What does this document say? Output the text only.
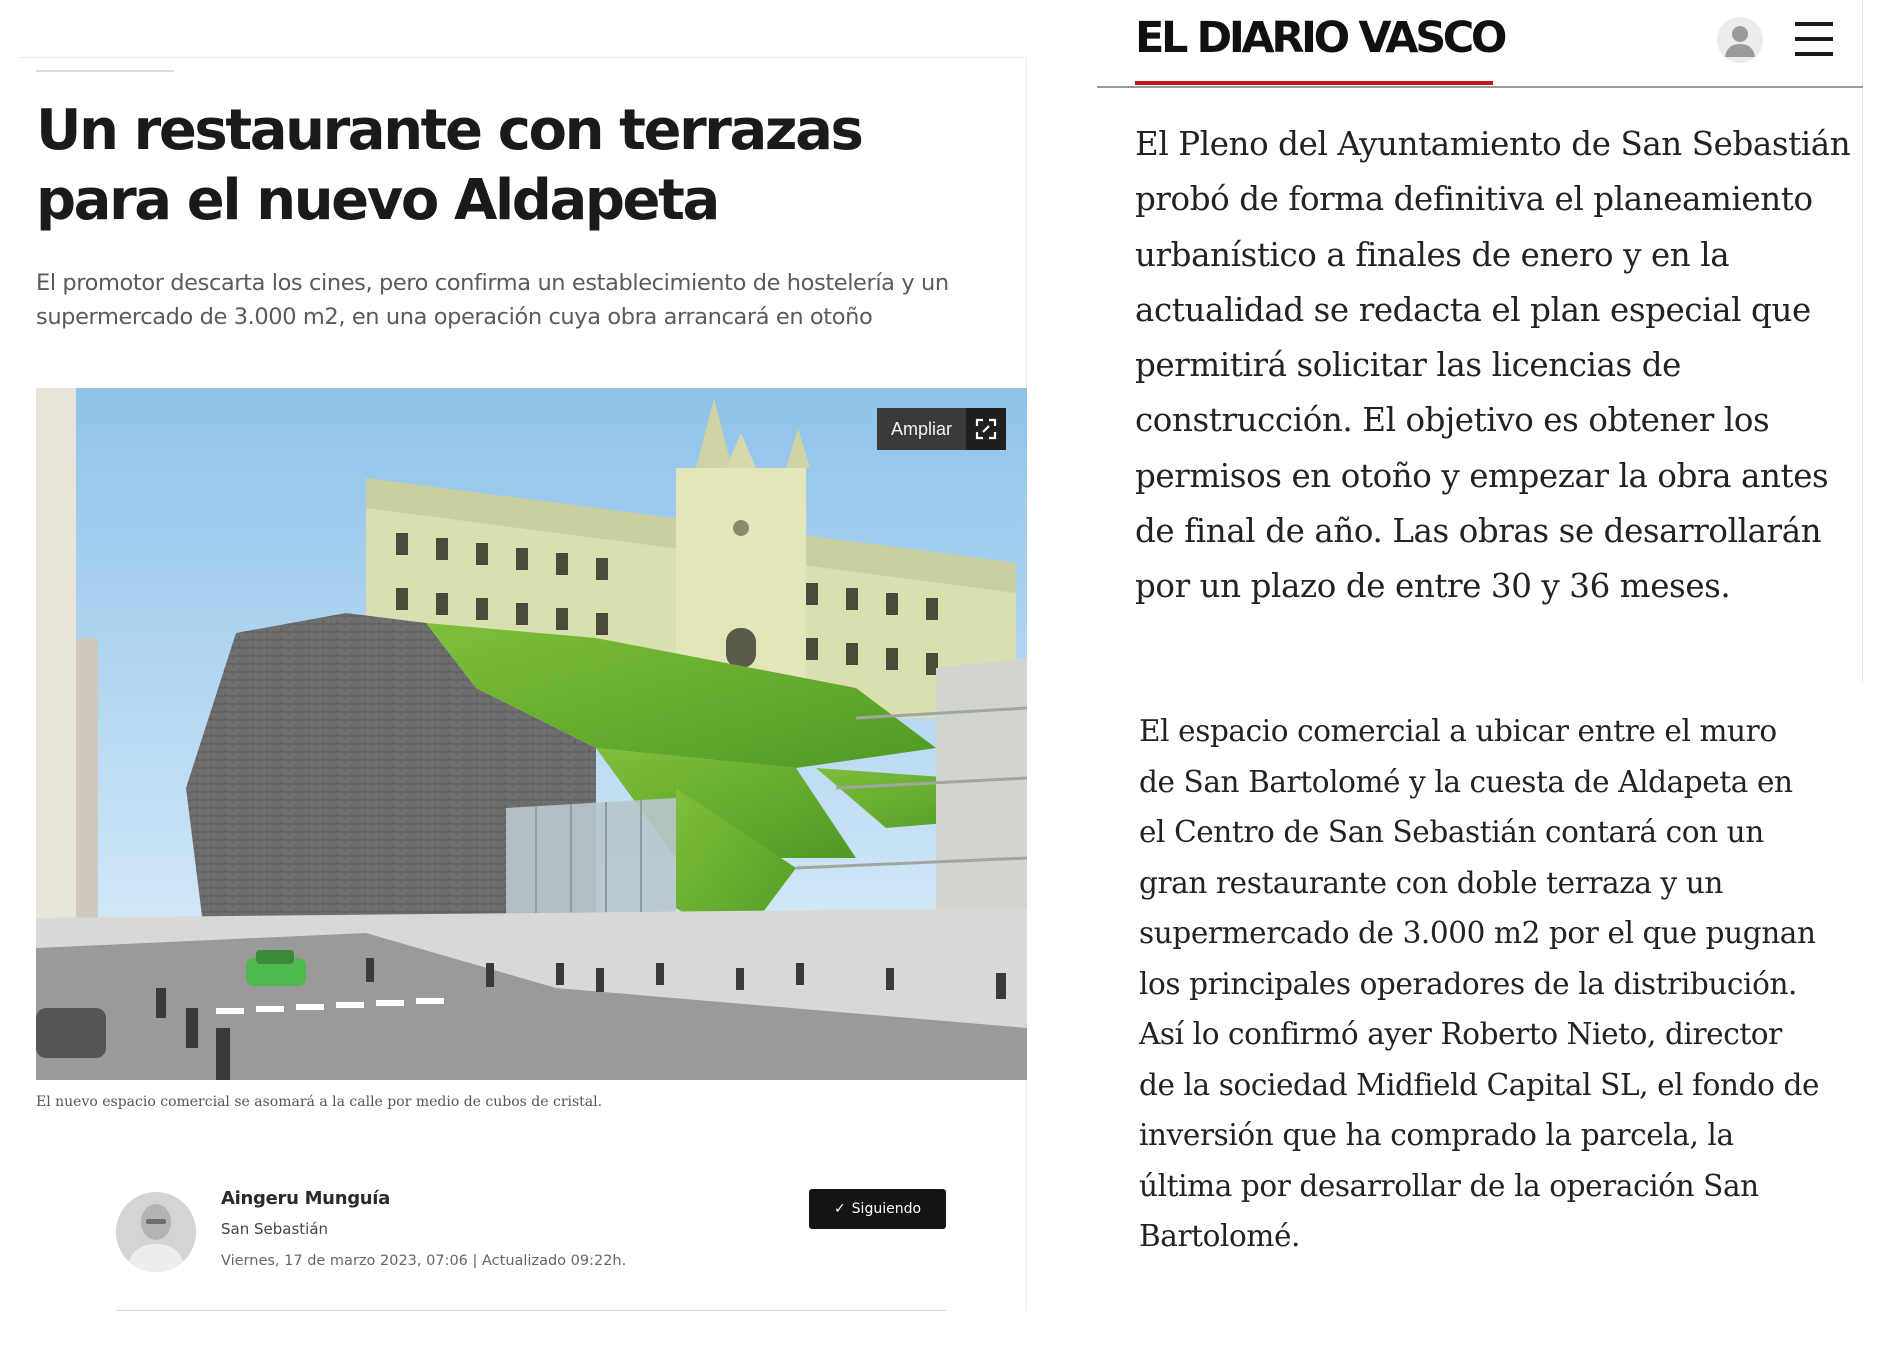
Un restaurante con terrazas para el nuevo Aldapeta

El promotor descarta los cines, pero confirma un establecimiento de hostelería y un supermercado de 3.000 m2, en una operación cuya obra arrancará en otoño

Ampliar

El nuevo espacio comercial se asomará a la calle por medio de cubos de cristal.

Aingeru Munguía

San Sebastián

Viernes, 17 de marzo 2023, 07:06 | Actualizado 09:22h.

✓ Siguiendo
EL DIARIO VASCO

El Pleno del Ayuntamiento de San Sebastián probó de forma definitiva el planeamiento urbanístico a finales de enero y en la actualidad se redacta el plan especial que permitirá solicitar las licencias de construcción. El objetivo es obtener los permisos en otoño y empezar la obra antes de final de año. Las obras se desarrollarán por un plazo de entre 30 y 36 meses.

El espacio comercial a ubicar entre el muro de San Bartolomé y la cuesta de Aldapeta en el Centro de San Sebastián contará con un gran restaurante con doble terraza y un supermercado de 3.000 m2 por el que pugnan los principales operadores de la distribución. Así lo confirmó ayer Roberto Nieto, director de la sociedad Midfield Capital SL, el fondo de inversión que ha comprado la parcela, la última por desarrollar de la operación San Bartolomé.
